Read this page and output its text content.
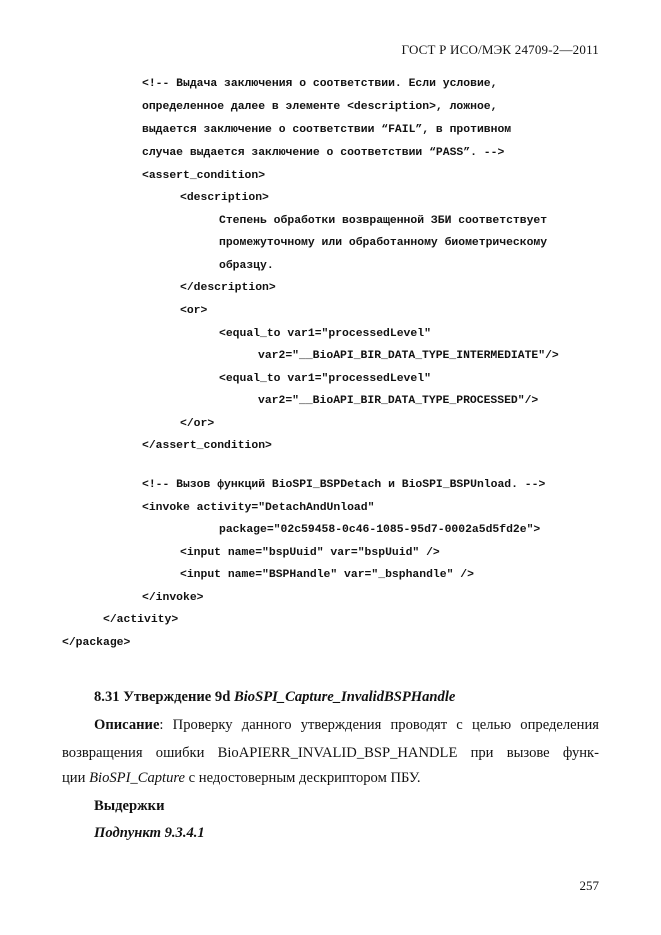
ГОСТ Р ИСО/МЭК 24709-2—2011
<!-- Выдача заключения о соответствии. Если условие,
определенное далее в элементе <description>, ложное,
выдается заключение о соответствии “FAIL”, в противном
случае выдается заключение о соответствии “PASS”. -->
<assert_condition>
<description>
Степень обработки возвращенной ЗБИ соответствует
промежуточному или обработанному биометрическому
образцу.
</description>
<or>
<equal_to var1="processedLevel"
var2="__BioAPI_BIR_DATA_TYPE_INTERMEDIATE"/>
<equal_to var1="processedLevel"
var2="__BioAPI_BIR_DATA_TYPE_PROCESSED"/>
</or>
</assert_condition>
<!-- Вызов функций BioSPI_BSPDetach и BioSPI_BSPUnload. -->
<invoke activity="DetachAndUnload"
package="02c59458-0c46-1085-95d7-0002a5d5fd2e">
<input name="bspUuid" var="bspUuid" />
<input name="BSPHandle" var="_bsphandle" />
</invoke>
</activity>
</package>
8.31 Утверждение 9d BioSPI_Capture_InvalidBSPHandle
Описание: Проверку данного утверждения проводят с целью определения
возвращения ошибки BioAPIERR_INVALID_BSP_HANDLE при вызове функ-
ции BioSPI_Capture с недостоверным дескриптором ПБУ.
Выдержки
Подпункт 9.3.4.1
257
